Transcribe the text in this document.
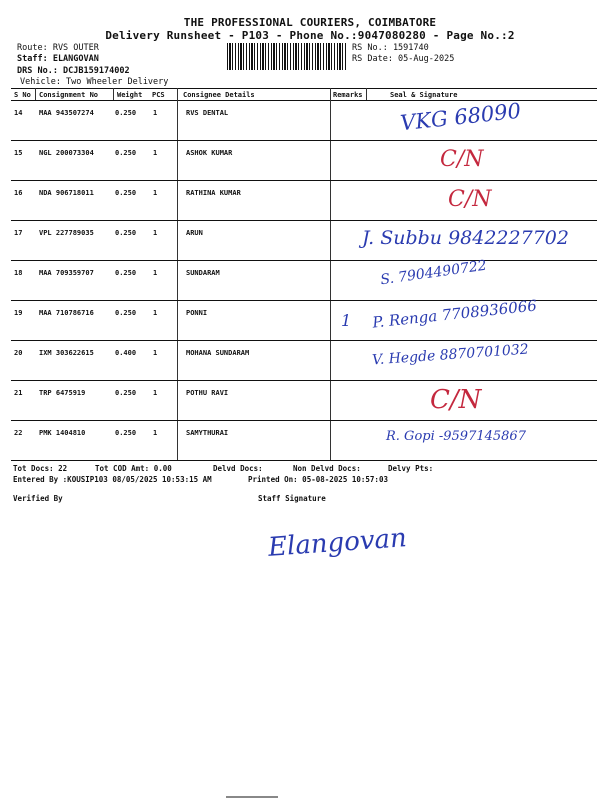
THE PROFESSIONAL COURIERS, COIMBATORE
Delivery Runsheet - P103 - Phone No.:9047080280 - Page No.:2
Route: RVS OUTER
Staff: ELANGOVAN
DRS No.: DCJB159174002
Vehicle: Two Wheeler Delivery
RS No.: 1591740
RS Date: 05-Aug-2025
S No Consignment No	Weight PCS	Consignee Details	Remarks	Seal & Signature
14 MAA 943507274	0.250 1	RVS DENTAL	VKG 68090
15 NGL 200073304	0.250 1	ASHOK KUMAR	C/N
16 NDA 906718011	0.250 1	RATHINA KUMAR	C/N
17 VPL 227789035	0.250 1	ARUN	J. Subbu 9842227702
18 MAA 709359707	0.250 1	SUNDARAM	S. 7904490722
19 MAA 710786716	0.250 1	PONNI	P. Renga 7708936066
1
20 IXM 303622615	0.400 1	MOHANA SUNDARAM	V. Hegde 8870701032
21 TRP 6475919	0.250 1	POTHU RAVI	C/N
22 PMK 1404810	0.250 1	SAMYTHURAI	R. Gopi -9597145867
Tot Docs: 22	Tot COD Amt: 0.00	Delvd Docs:	Non Delvd Docs:	Delvy Pts:
Entered By :KOUSIP103 08/05/2025 10:53:15 AM	Printed On: 05-08-2025 10:57:03
Verified By	Staff Signature
Elangovan
